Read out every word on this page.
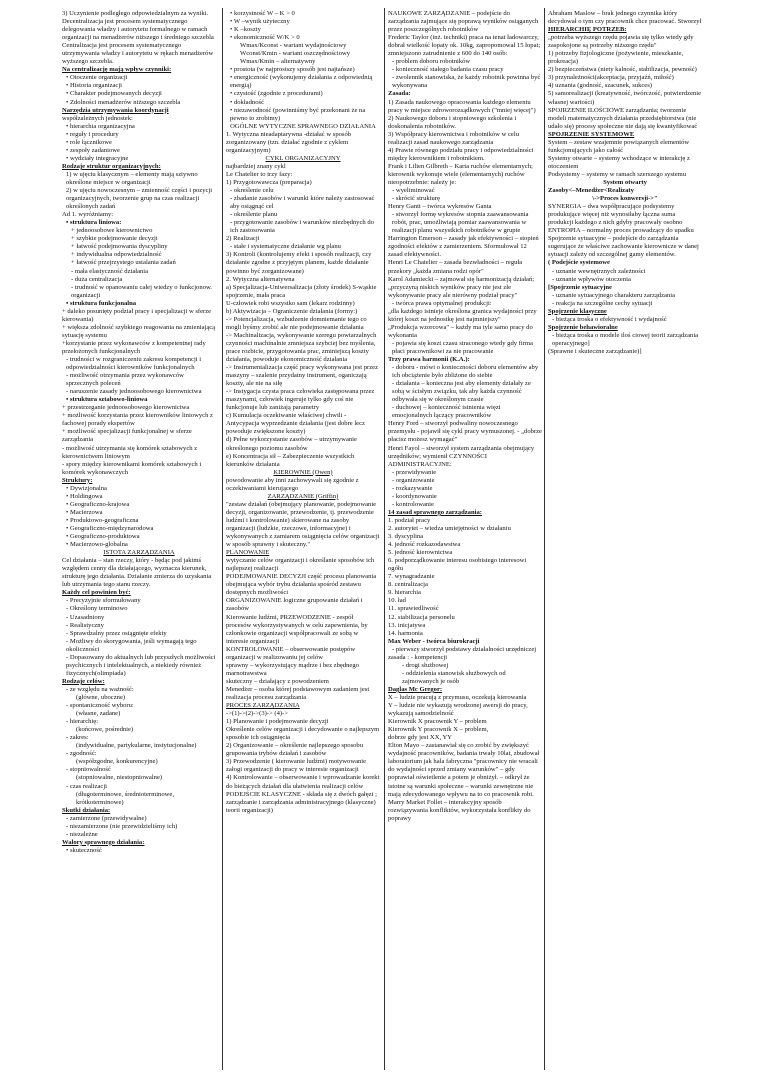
3) Uczynienie podległego odpowiedzialnym za wyniki.
Decentralizacja jest procesem systematycznego delegowania władzy i autorytetu formalnego w ramach organizacji na menadżerów niższego i średniego szczebla
Centralizacja jest procesem systematycznego utrzymywania władzy i autorytetu w rękach menadżerów wyższego szczebla.
Na centralizację mają wpływ czynniki:
• Otoczenie organizacji
• Historia organizacji
• Charakter podejmowanych decyzji
• Zdolności menadżerów niższego szczebla
Narzędzia utrzymywania koordynacji
współzależnych jednostek:
• hierarchia organizacyjna
• reguły i procedury
• role łącznikowe
• zespoły zadaniowe
• wydziały integracyjne
Rodzaje struktur organizacyjnych:
1) w ujęciu klasycznym – elementy mają sztywno określone miejsce w organizacji
2) w ujęciu nowoczesnym – zmienność części i pozycji organizacyjnych, tworzenie grup na czas realizacji określonych zadań
Ad 1. wyróżniamy:
• struktura liniowa:
+ jednoosobowe kierownictwo
+ szybkie podejmowanie decyzji
+ łatwość podejmowania dyscypliny
+ indywidualna odpowiedzialność
+ łatwość przejrzystego ustalania zadań
- mała elastyczność działania
- duża centralizacja
- trudność w opanowaniu całej wiedzy o funkcjonow. organizacji
• struktura funkcjonalna
+ daleko posunięty podział pracy i specjalizacji w sferze kierowania)
+ większa zdolność szybkiego reagowania na zmieniającą sytuację systemu
+korzystanie przez wykonawców z kompetentnej rady przełożonych funkcjonalnych
- trudności w rozgraniczeniu zakresu kompetencji i odpowiedzialności kierowników funkcjonalnych
- możliwość otrzymania przez wykonawców sprzecznych poleceń
- naruszenie zasady jednoosobowego kierownictwa
• struktura sztabowo-liniowa
+ przestrzeganie jednoosobowego kierownictwa
+ możliwość korzystania przez kierowników liniowych z fachowej porady ekspertów
+ możliwość specjalizacji funkcjonalnej w sferze zarządzania
- możliwość utrzymania się komórek sztabowych z kierownictwem liniowym
- spory między kierownikami komórek sztabowych i komórek wykonawczych
Struktury:
• Dywizjonalna
• Holdingowa
• Geograficzno-krajowa
• Macierzowa
• Produktowo-geograficzna
• Geograficzno-międzynarodowa
• Geograficzno-produktowa
• Macierzowo-globalna
ISTOTA ZARZĄDZANIA
Cel działania – stan rzeczy, który - będąc pod jakimś względem cenny dla działającego, wyznacza kierunek, strukturę jego działania. Działanie zmierza do uzyskania lub utrzymania tego stanu rzeczy.
Każdy cel powinien być:
- Precyzyjnie sformułowany
- Określony terminowo
- Uzasadniony
- Realistyczny
- Sprawdzalny przez osiągnięte efekty
- Możliwy do skorygowania, jeśli wymagają tego okoliczności
- Dopasowany do aktualnych lub przyszłych możliwości psychicznych i intelektualnych, a niekiedy również fizycznych(olimpiada)
Rodzaje celów:
- ze względu na ważność:
(główne, uboczne)
- spontaniczność wyboru:
(własne, zadane)
- hierarchię:
(końcowe, pośrednie)
- zakres:
(indywidualne, partykularne, instytucjonalne)
- zgodność:
(współzgodne, konkurencyjne)
- stopniowalność
(stopniowalne, niestopniowalne)
- czas realizacji
(długoterminowe, średnioterminowe, krótkoterminowe)
Skutki działania:
- zamierzone (przewidywalne)
- niezamierzone (nie przewidzieliśmy ich)
- niezależne
Walory sprawnego działania:
• skuteczność
• korzystność W – K > 0
• W –wynik użyteczny
• K –koszty
• ekonomiczność W/K > 0
Wmax/Kconst - wariant wydajnościowy
Wconst/Kmin - wariant oszczędnościowy
Wmax/Kmin – alternatywny
• prostota (w najprostszy sposób jest najtańsze)
• energiczność (wykonujemy działania z odpowiednią energią)
• czystość (zgodnie z procedurami)
• dokładność
• niezawodność (powinniśmy być przekonani że na pewno to zrobimy)
OGÓLNE WYTYCZNE SPRAWNEGO DZIAŁANIA
1. Wytyczna nieadaptarywna -działać w sposób zorganizowany (tzn. działać zgodnie z cyklem organizacyjnym)
CYKL ORGANIZACYJNY
najbardziej znany cykl
Le Chatelier to trzy fazy:
1) Przygotowawcza (preparacja)
- określenie celu
- zbadanie zasobów i warunki które należy zastosować aby osiągnąć cel
- określenie planu
- przygotowanie zasobów i warunków niezbędnych do ich zastosowania
2) Realizacji
- stałe i systematyczne działanie wg planu
3) Kontroli (kontrolujemy efekt i sposób realizacji, czy działanie zgodne z przyjętym planem, każde działanie powinno być zorganizowane)
2. Wytyczna alternatywna
a) Specjalizacja-Uniwersalizacja (złoty środek) S-wąskie spojrzenie, mała praca
U-człowiek robi wszystko sam (lekarz rodzinny)
b) Aktywizacja – Ograniczenie działania (formy:)
-> Potencjalizacja, wzbudzenie domniemanie tego co mogli byśmy zrobić ale nie podejmowanie działania
-> Machinalizacja, wykonywanie szeregu powtarzalnych czynności machinalnie zmniejsza szybciej bez myślenia, prace rozbicie, przygotowania prac, zminiejszą koszty działania, powoduje ekonomiczność działania
-> Instrumentalizacja część pracy wykonywana jest przez maszyny – szalenie przydatny instrument, oganiczają koszty, ale nie na siłę
-> Instygacja czysta praca człowieka zastępowana przez maszynami, człowiek ingeruje tylko gdy coś nie funkcjonuje lub zaniżają parametry
c) Kumulacja oczekiwanie właściwej chwili - Antycypacja wyprzedzanie działania (jest dobre lecz powoduje zwiększone koszty)
d) Pełne wykorzystanie zasobów – utrzymywanie określonego poziomu zasobów
e) Koncentracja sił – Zabezpieczenie wszystkich kierunków działania
KIEROWNIE (Owen)
powodowanie aby inni zachowywali się zgodnie z oczekiwaniami kierującego
ZARZĄDZANIE (Griffin)
"zestaw działań (obejmujący planowanie, podejmowanie decyzji, organizowanie, przewodzenie, tj. przewodzenie ludźmi i kontrolowanie) skierowane na zasoby organizacji (ludzkie, rzeczowe, informacyjne) i wykonywanych z zamiarem osiągnięcia celów organizacji w sposób sprawny i skuteczny."
PLANOWANIE
wytyczanie celów organizacji i określanie sposobów ich najlepszej realizacji
PODEJMOWANIE DECYZJI część procesu planowania obejmująca wybór trybu działania spośród zestawu dostępnych możliwości
ORGANIZOWANIE logiczne grupowanie działań i zasobów
Kierowanie ludźmi, PRZEWODZENIE - zespół procesów wykorzystywanych w celu zapewnienia, by członkowie organizacji współpracowali ze sobą w interesie organizacji
KONTROLOWANIE – obserwowanie postępów organizacji w realizowaniu jej celów
sprawny – wykorzystujący mądrze i bez zbędnego marnotrawstwa
skuteczny – działający z powodzeniem
Menedżer – osoba której podstawowym zadaniem jest realizacja procesu zarządzania
PROCES ZARZĄDZANIA
->(1)->(2)->(3)-> (4)->
1) Planowanie i podejmowanie decyzji
Określenie celów organizacji i decydowanie o najlepszym sposobie ich osiągnięcia
2) Organizowanie – określenie najlepszego sposobu grupowania trybów działań i zasobów
3) Przewodzenie ( kierowanie ludźmi) motywowanie załogi organizacji do pracy w interesie organizacji
4) Kontrolowanie – obserwowanie i wprowadzanie korekt do bieżących działań dla ułatwienia realizacji celów
PODEJŚCIE KLASYCZNE - składa się z dwóch gałęzi ; zarządzanie i zarządzania administracyjnego (klasyczne) teorii organizacji)
NAUKOWE ZARZĄDZANIE – podejście do zarządzania zajmujące się poprawą wyników osiąganych przez poszczególnych robotników
Frederic Taylor (inż. techniki) praca na tenat ładowarczy, dobrał wielkość łopaty ok. 10kg, zapropomował 15 łopat; zmniejszono zatrudnienie z 600 do 140 osób:
- problem doboru robotników
- konieczność stałego badania czasu pracy
- zwolennik stanowiska, że każdy robotnik powinna być wykonywana
Zasada:
1) Zasada naukowego opracowania każdego elementu pracy w miejsce zdroworozsądkowych ("mniej więcej")
2) Naukowego doboru i stopniowego szkolenia i doskonalenia robotników.
3) Współpracy kierownictwa i robotników w celu realizacji zasad naukowego zarządzania
4) Prawie równego podziału pracy i odpowiedzialności między kierownikiem i robotnikiem.
Frank i Lilien Gilbreth – Karta ruchów elementarnych; kierownik wykonuje wiele (elementarnych) ruchów nieopotrzebnie: należy je:
- wyeliminować
- skrócić strukturę
Henry Gantt – twórca wykresów Ganta
- stworzył formę wykresów stopnia zaawansowania robót, prac, umożliwiają pomiar zaawansowania w realizacji planu wszystkich robotników w grupie
Harrington Emerson – zasady jak efektywności – stopień zgodności efektów z zamierzeniem. Sformułował 12 zasad efektywności.
Henri Le Chatelier – zasada bezwładności – reguła przekory „każda zmiana rodzi opór"
Karol Adamiecki – zajmował się harmonizacją działań; „przyczyną niskich wyników pracy nie jest złe wykonywanie pracy ale nierówny podział pracy"
- twórca prawa optymalnej produkcji:
„dla każdego istnieje określona granica wydajności przy której koszt na jednostkę jest najmniejszy"
„Produkcja wzorcowa" – każdy ma tyle samo pracy do wykonania
- pojawia się koszt czasu straconego wtedy gdy firma płaci pracownikowi za nie pracowanie
Trzy prawa harmonii (K.A.):
- doboru - mówi o konieczności doboru elementów aby ich obciążenie było zbliżone do siebie
- działania – konieczna jest aby elementy działały ze sobą w ścisłym związku, tak aby każda czynność odbywała się w określonym czasie
- duchowej – konieczność istnienia więzi emocjonalnych łączący pracowników
Henry Ford – stworzył podwaliny nowoczesnego przemysłu - pojawił się cykl pracy wymuszonej. - „dobrze płacisz możesz wymagać"
Henri Fayol – stworzył system zarządzania obejmujący urzędników; wymienił CZYNNOŚCI ADMINISTRACYJNE:
- przewidywanie
- organizowanie
- rozkazywanie
- koordynowanie
- kontrolowanie
14 zasad sprawnego zarządzania:
1. podział pracy
2. autorytet – wiedza umiejętności w działaniu
3. dyscyplina
4. jedność rozkazodawstwa
5. jedność kierownictwa
6. podporządkowanie interesu osobistego interesowi ogółu
7. wynagradzanie
8. centralizacja
9. hierarchia
10. ład
11. sprawiedliwość
12. stabilizacja personelu
13. inicjatywa
14. harmonia
Max Weber - twórca biurokracji
- pierwszy stworzył podstawy działalności urzędniczej
zasada : - kompetencji
- drogi służbowej
- oddzielenia stanowisk służbowych od zajmowanych je osób
Daglas Mc Gregor:
X – ludzie pracują z przymusu, oczekują kierowania
Y – ludzie nie wykazują wrodzonej awersji do pracy, wykazują samodzielność
Kierownik X pracownik Y – problem
Kierownik Y pracownik X – problem,
dobrze gdy jest XX, YY
Elton Mayo – zastanawiał się co zrobić by zwiększyć wydajność pracowników, badania trwały 10lat, zbudował laboratorium jak hala fabryczna "pracownicy nie wracali do wydajności sprzed zmiany warunków" – gdy poprawiał oświetlenie a potem je obniżył. – odkrył że istotne są warunki społeczne – warunki zewnętrzne nie mają zdecydowanego wpływu na to co pracownik robi.
Marry Market Follet – interakcyjny sposób rozwiązywania konfliktów, wykorzystała konflikty do poprawy
Abraham Maslow – brak jednego czynnika który decydował o tym czy pracownik chce pracować. Stworzył
HIERARCHIĘ POTRZEB:
„potrzeba wyższego rzędu pojawia się tylko wtedy gdy zaspokojone są potrzeby niższego rzędu"
1) potrzeby fizjologiczne (pożywienie, mieszkanie, prokreacja)
2) bezpieczeństwa (niety kalność, stabilizacja, pewność)
3) przynależności(akceptacja, przyjaźń, miłość)
4) uznania (godność, szacunek, sukces)
5) samorealizacji (kreatywność, twórczość, potwierdzenie własnej wartości)
SPOJRZENIE ILOŚCIOWE zarządzania; tworzenie modeli matematycznych działania przedsiębiorstwa (nie udało się) procesy społeczne nie dają się kwantyfikować
SPOJRZENIE SYSTEMOWE
System – zestaw wzajemnie powiązanych elementów funkcjonujących jako całość
Systemy otwarte – systemy wchodzące w interakcję z otoczeniem
Podsystemy – systemy w ramach szerszego systemu
System otwarty
Zasoby<–Menedżer<Realizaty
\->Proces konwersji->"
SYNERGIA – dwa współpracujące podsystemy produkujące więcej niż wynosiłaby łączna suma produkcji każdego z nich gdyby pracowały osobno
ENTROPIA – normalny proces prowadzący do upadku
Spojrzenie sytuacyjne – podejście do zarządzania sugerujące że właściwe zachowanie kierownicze w danej sytuacji zależy od szczególnej gamy elementów.
( Podejście systemowe
- uznanie wewnętrznych zależności
- uznanie wpływów otoczenia
[Spojrzenie sytuacyjne
- uznanie sytuacyjnego charakteru zarządzania
- reakcja na szczególne cechy sytuacji
Spojrzenie klasyczne
- bieżąca troska o efektywność i wydajność
Spojrzenie behawioralne
- bieżąca troska o modele iloś ciowej teorii zarządzania operacyjnego]
(Sprawne i skuteczne zarządzanie)]
